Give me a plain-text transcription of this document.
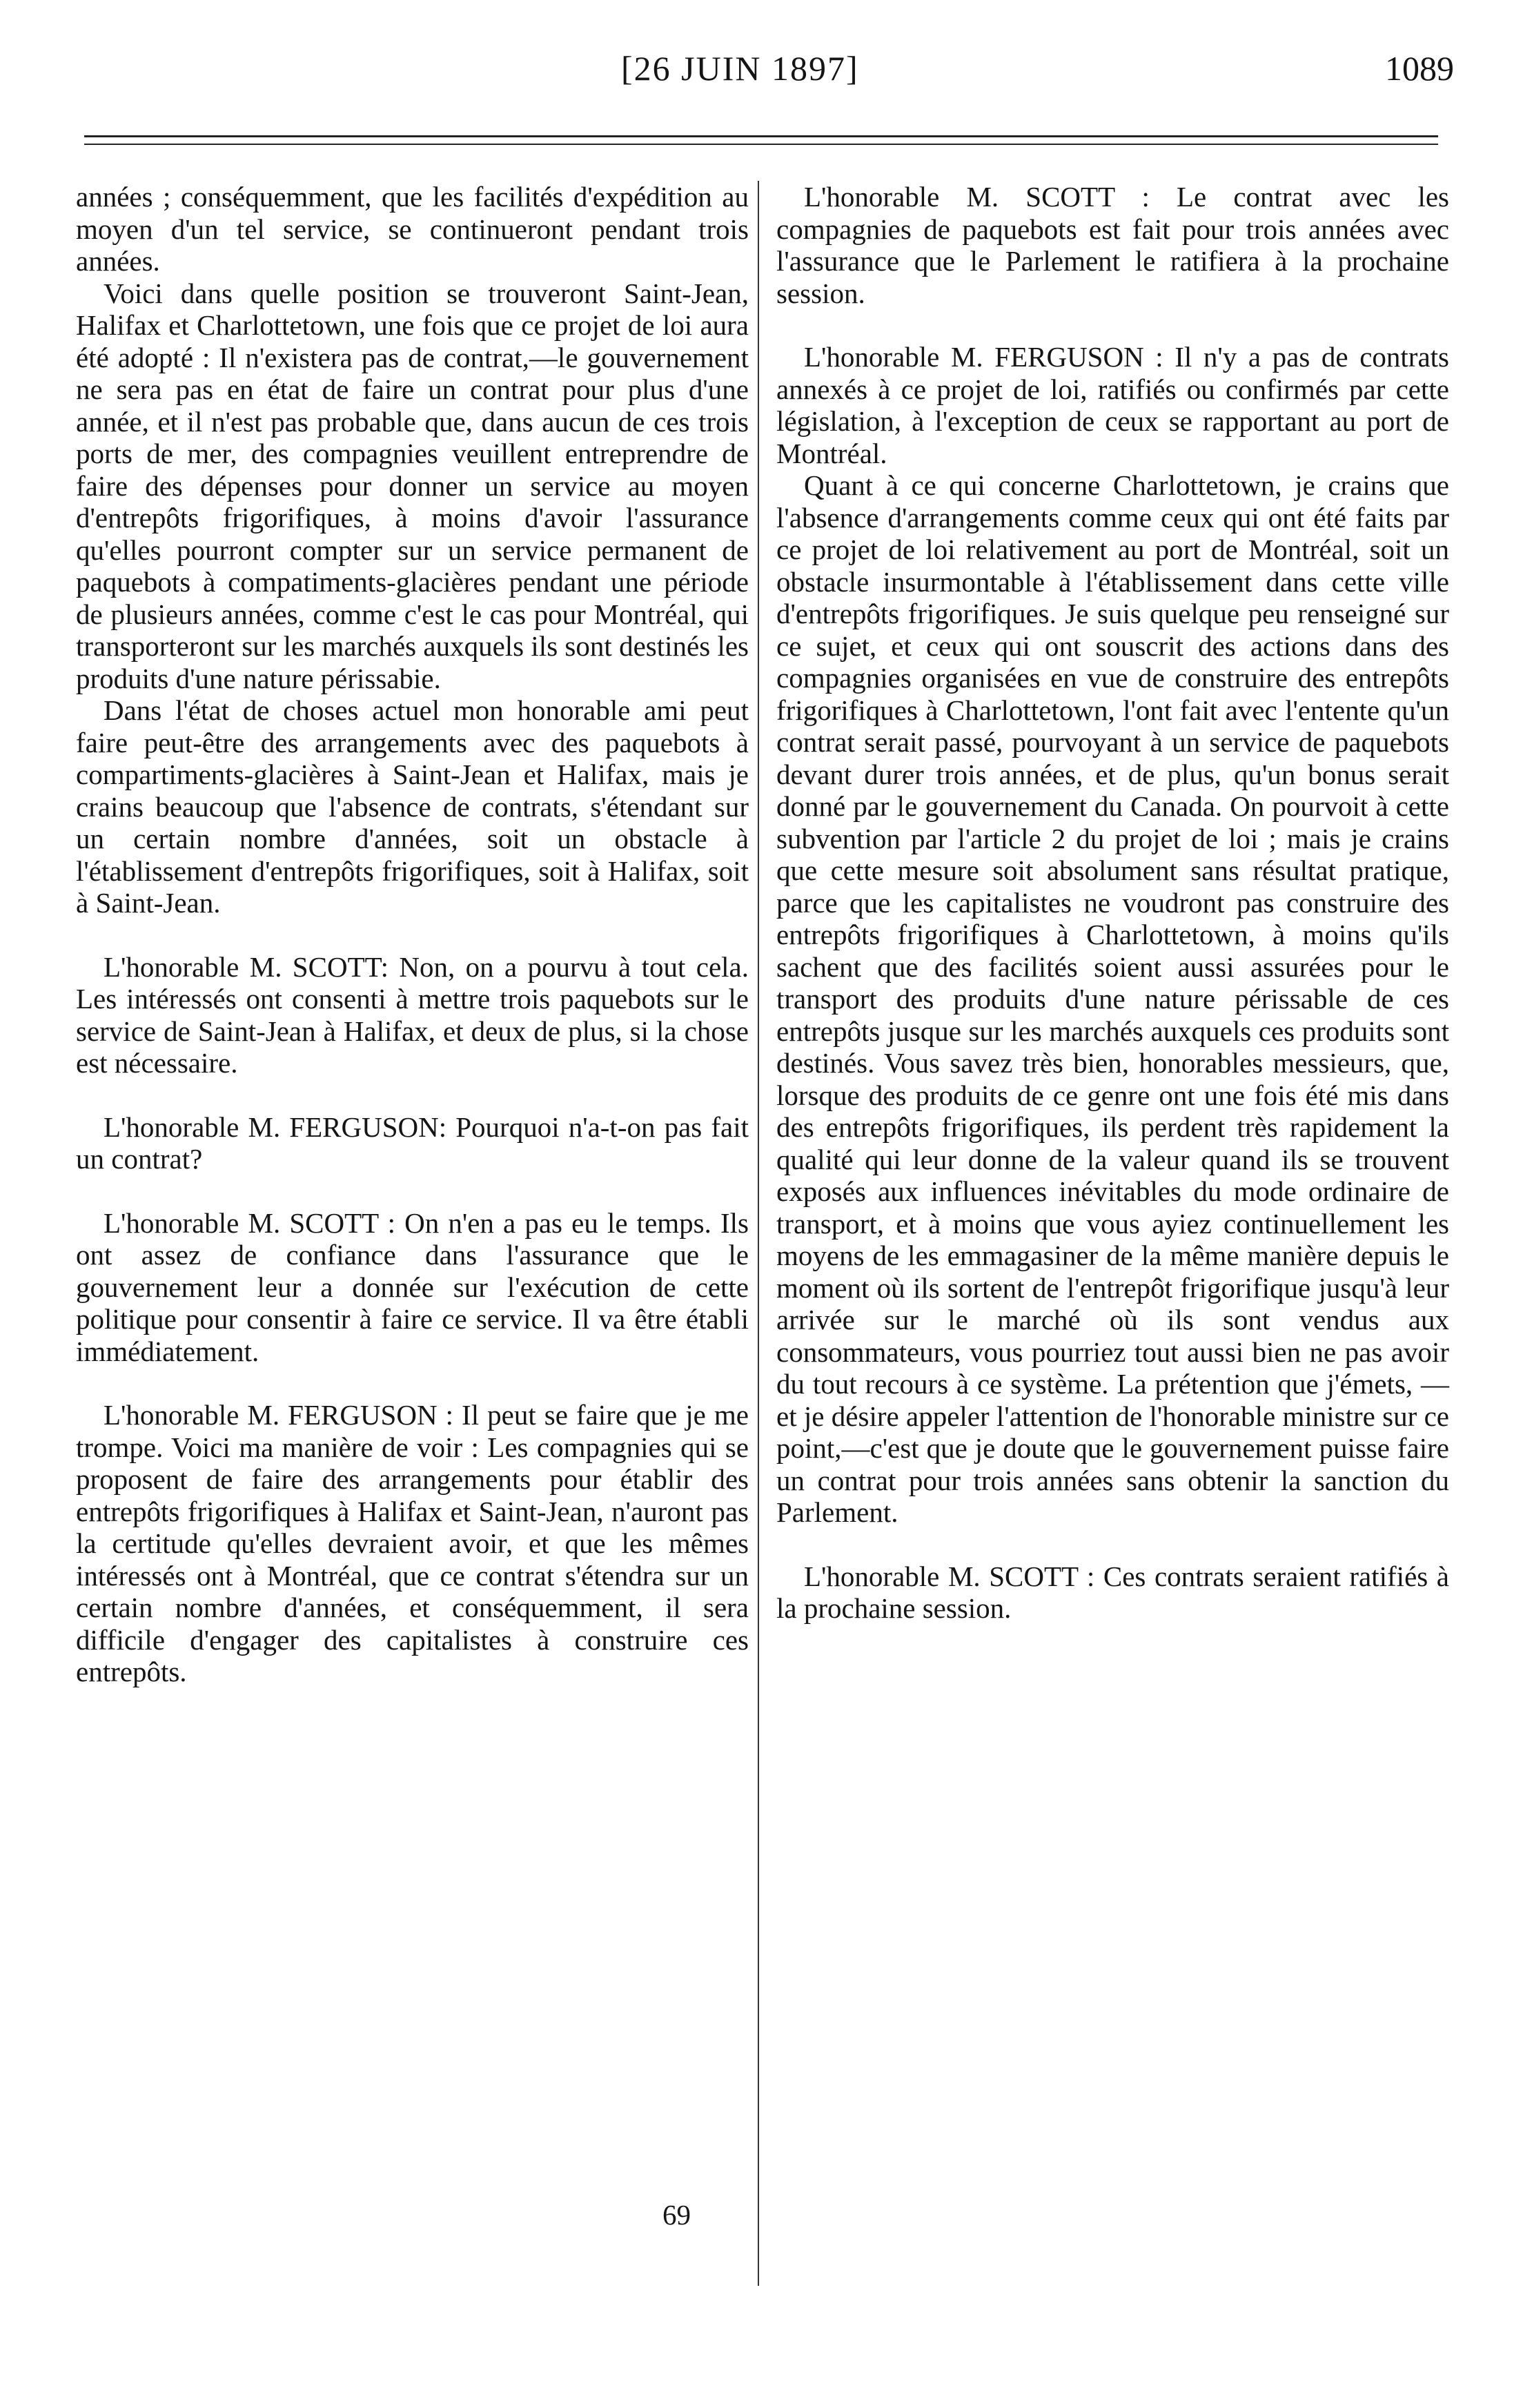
[26 JUIN 1897]	1089

années ; conséquemment, que les facilités d'expédition au moyen d'un tel service, se continueront pendant trois années.

Voici dans quelle position se trouveront Saint-Jean, Halifax et Charlottetown, une fois que ce projet de loi aura été adopté : Il n'existera pas de contrat,—le gouvernement ne sera pas en état de faire un contrat pour plus d'une année, et il n'est pas probable que, dans aucun de ces trois ports de mer, des compagnies veuillent entreprendre de faire des dépenses pour donner un service au moyen d'entrepôts frigorifiques, à moins d'avoir l'assurance qu'elles pourront compter sur un service permanent de paquebots à compatiments-glacières pendant une période de plusieurs années, comme c'est le cas pour Montréal, qui transporteront sur les marchés auxquels ils sont destinés les produits d'une nature périssabie.

Dans l'état de choses actuel mon honorable ami peut faire peut-être des arrangements avec des paquebots à compartiments-glacières à Saint-Jean et Halifax, mais je crains beaucoup que l'absence de contrats, s'étendant sur un certain nombre d'années, soit un obstacle à l'établissement d'entrepôts frigorifiques, soit à Halifax, soit à Saint-Jean.

L'honorable M. SCOTT: Non, on a pourvu à tout cela. Les intéressés ont consenti à mettre trois paquebots sur le service de Saint-Jean à Halifax, et deux de plus, si la chose est nécessaire.

L'honorable M. FERGUSON: Pourquoi n'a-t-on pas fait un contrat?

L'honorable M. SCOTT : On n'en a pas eu le temps. Ils ont assez de confiance dans l'assurance que le gouvernement leur a donnée sur l'exécution de cette politique pour consentir à faire ce service. Il va être établi immédiatement.

L'honorable M. FERGUSON : Il peut se faire que je me trompe. Voici ma manière de voir : Les compagnies qui se proposent de faire des arrangements pour établir des entrepôts frigorifiques à Halifax et Saint-Jean, n'auront pas la certitude qu'elles devraient avoir, et que les mêmes intéressés ont à Montréal, que ce contrat s'étendra sur un certain nombre d'années, et conséquemment, il sera difficile d'engager des capitalistes à construire ces entrepôts.

L'honorable M. SCOTT : Le contrat avec les compagnies de paquebots est fait pour trois années avec l'assurance que le Parlement le ratifiera à la prochaine session.

L'honorable M. FERGUSON : Il n'y a pas de contrats annexés à ce projet de loi, ratifiés ou confirmés par cette législation, à l'exception de ceux se rapportant au port de Montréal.

Quant à ce qui concerne Charlottetown, je crains que l'absence d'arrangements comme ceux qui ont été faits par ce projet de loi relativement au port de Montréal, soit un obstacle insurmontable à l'établissement dans cette ville d'entrepôts frigorifiques. Je suis quelque peu renseigné sur ce sujet, et ceux qui ont souscrit des actions dans des compagnies organisées en vue de construire des entrepôts frigorifiques à Charlottetown, l'ont fait avec l'entente qu'un contrat serait passé, pourvoyant à un service de paquebots devant durer trois années, et de plus, qu'un bonus serait donné par le gouvernement du Canada. On pourvoit à cette subvention par l'article 2 du projet de loi ; mais je crains que cette mesure soit absolument sans résultat pratique, parce que les capitalistes ne voudront pas construire des entrepôts frigorifiques à Charlottetown, à moins qu'ils sachent que des facilités soient aussi assurées pour le transport des produits d'une nature périssable de ces entrepôts jusque sur les marchés auxquels ces produits sont destinés. Vous savez très bien, honorables messieurs, que, lorsque des produits de ce genre ont une fois été mis dans des entrepôts frigorifiques, ils perdent très rapidement la qualité qui leur donne de la valeur quand ils se trouvent exposés aux influences inévitables du mode ordinaire de transport, et à moins que vous ayiez continuellement les moyens de les emmagasiner de la même manière depuis le moment où ils sortent de l'entrepôt frigorifique jusqu'à leur arrivée sur le marché où ils sont vendus aux consommateurs, vous pourriez tout aussi bien ne pas avoir du tout recours à ce système. La prétention que j'émets, —et je désire appeler l'attention de l'honorable ministre sur ce point,—c'est que je doute que le gouvernement puisse faire un contrat pour trois années sans obtenir la sanction du Parlement.

L'honorable M. SCOTT : Ces contrats seraient ratifiés à la prochaine session.

69
